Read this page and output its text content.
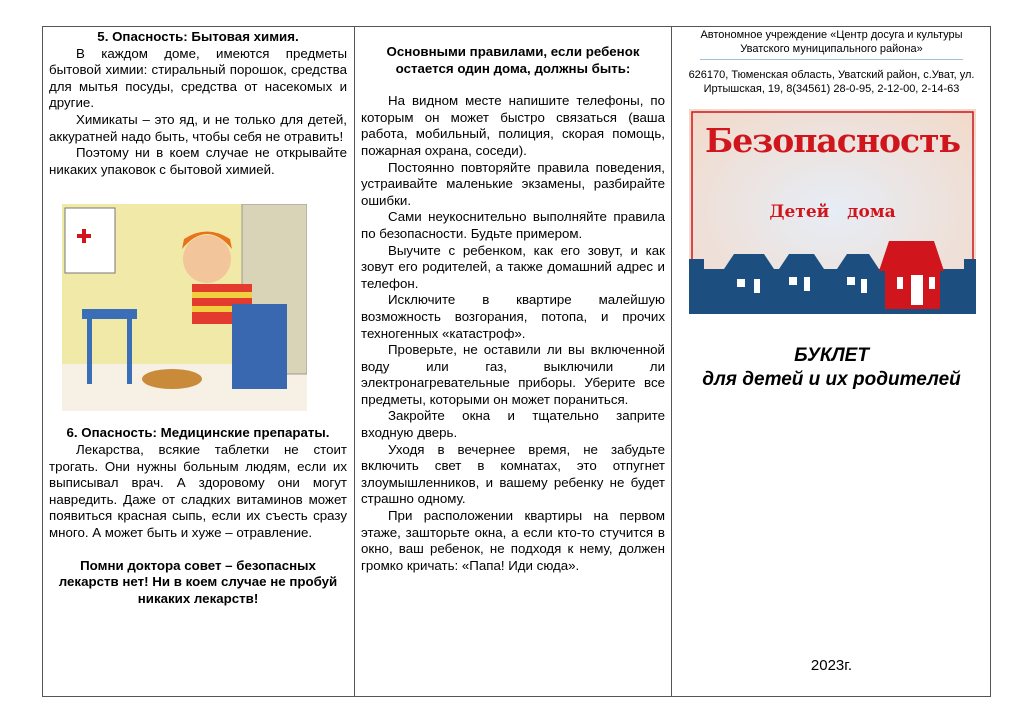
5. Опасность: Бытовая химия.

В каждом доме, имеются предметы бытовой химии: стиральный порошок, средства для мытья посуды, средства от насекомых и другие.

Химикаты – это яд, и не только для детей, аккуратней надо быть, чтобы себя не отравить!

Поэтому ни в коем случае не открывайте никаких упаковок с бытовой химией.

6. Опасность: Медицинские препараты.

Лекарства, всякие таблетки не стоит трогать. Они нужны больным людям, если их выписывал врач. А здоровому они могут навредить. Даже от сладких витаминов может появиться красная сыпь, если их съесть сразу много. А может быть и хуже – отравление.

Помни доктора совет – безопасных лекарств нет! Ни в коем случае не пробуй никаких лекарств!

Основными правилами, если ребенок остается один дома, должны быть:

На видном месте напишите телефоны, по которым он может быстро связаться (ваша работа, мобильный, полиция, скорая помощь, пожарная охрана, соседи).

Постоянно повторяйте правила поведения, устраивайте маленькие экзамены, разбирайте ошибки.

Сами неукоснительно выполняйте правила по безопасности. Будьте примером.

Выучите с ребенком, как его зовут, и как зовут его родителей, а также домашний адрес и телефон.

Исключите в квартире малейшую возможность возгорания, потопа, и прочих техногенных «катастроф».

Проверьте, не оставили ли вы включенной воду или газ, выключили ли электронагревательные приборы. Уберите все предметы, которыми он может пораниться.

Закройте окна и тщательно заприте входную дверь.

Уходя в вечернее время, не забудьте включить свет в комнатах, это отпугнет злоумышленников, и вашему ребенку не будет страшно одному.

При расположении квартиры на первом этаже, зашторьте окна, а если кто-то стучится в окно, ваш ребенок, не подходя к нему, должен громко кричать: «Папа! Иди сюда».

Автономное учреждение «Центр досуга и культуры Уватского муниципального района»
626170, Тюменская область, Уватский район, с.Уват, ул. Иртышская, 19, 8(34561) 28-0-95, 2-12-00, 2-14-63
Безопасность
Детей дома
БУКЛЕТ
для детей и их родителей
2023г.
